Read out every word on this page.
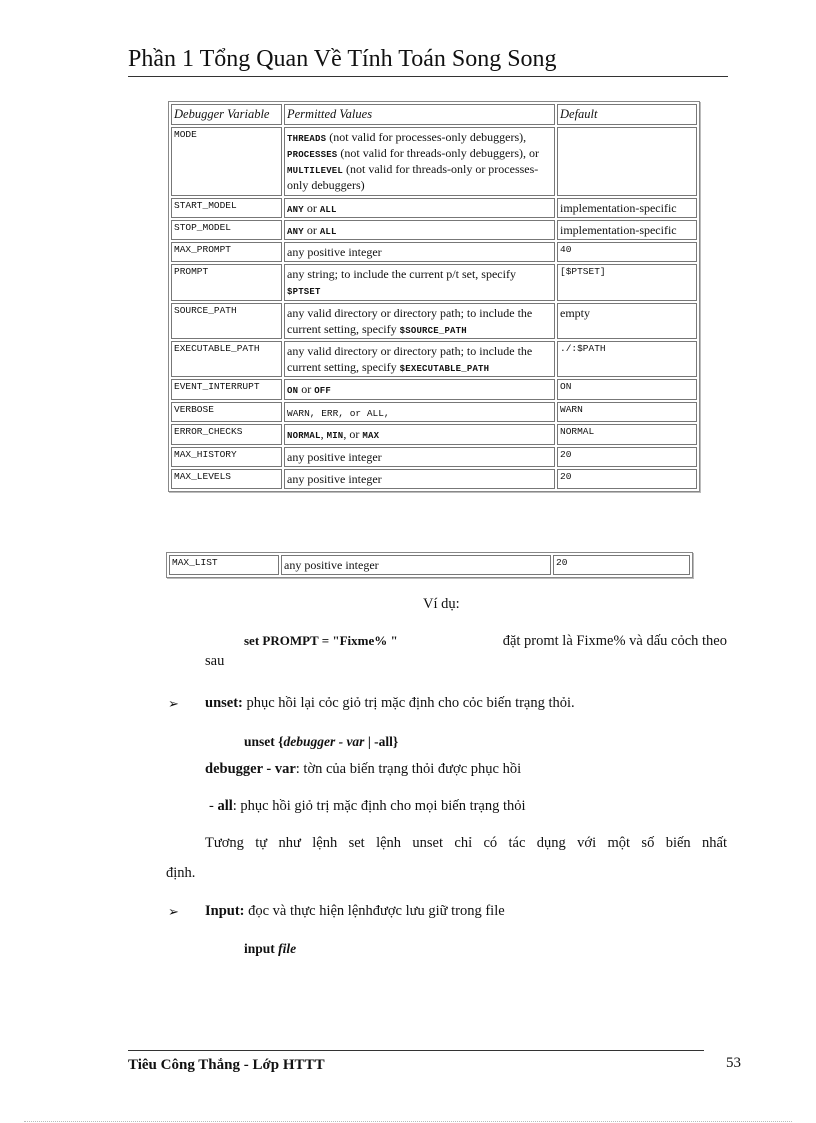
Phần 1 Tổng Quan Về Tính Toán Song Song
Debugger Variable	Permitted Values	Default
MODE	THREADS (not valid for processes-only debuggers), PROCESSES (not valid for threads-only debuggers), or MULTILEVEL (not valid for threads-only or processes-only debuggers)	
START_MODEL	ANY or ALL	implementation-specific
STOP_MODEL	ANY or ALL	implementation-specific
MAX_PROMPT	any positive integer	40
PROMPT	any string; to include the current p/t set, specify $PTSET	[$PTSET]
SOURCE_PATH	any valid directory or directory path; to include the current setting, specify $SOURCE_PATH	empty
EXECUTABLE_PATH	any valid directory or directory path; to include the current setting, specify $EXECUTABLE_PATH	./:$PATH
EVENT_INTERRUPT	ON or OFF	ON
VERBOSE	WARN, ERR, or ALL,	WARN
ERROR_CHECKS	NORMAL, MIN, or MAX	NORMAL
MAX_HISTORY	any positive integer	20
MAX_LEVELS	any positive integer	20
MAX_LIST	any positive integer	20
Ví dụ:
set PROMPT = "Fixme% "	đặt promt là Fixme% và dấu cỏch theo
sau
➢ unset: phục hồi lại cỏc giỏ trị mặc định cho cỏc biến trạng thỏi.
unset {debugger - var | -all}
debugger - var: tờn của biến trạng thỏi được phục hồi
- all: phục hồi giỏ trị mặc định cho mọi biến trạng thỏi
Tương tự như lệnh set lệnh unset chỉ có tác dụng với một số biến nhất
định.
➢ Input: đọc và thực hiện lệnhđược lưu giữ trong file
input file
Tiêu Công Thắng - Lớp HTTT	53
